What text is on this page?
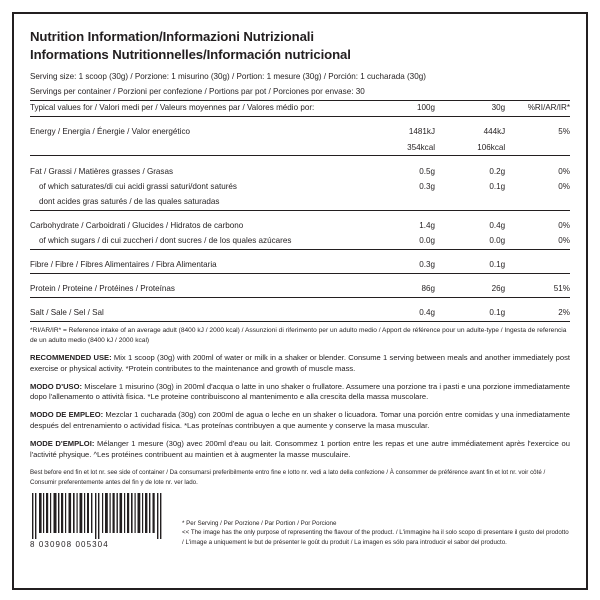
Nutrition Information/Informazioni Nutrizionali
Informations Nutritionnelles/Información nutricional
Serving size: 1 scoop (30g) / Porzione: 1 misurino (30g) / Portion: 1 mesure (30g) / Porción: 1 cucharada (30g)			
Servings per container / Porzioni per confezione / Portions par pot / Porciones por envase: 30			
Typical values for / Valori medi per / Valeurs moyennes par / Valores médio por:	100g	30g	%RI/AR/IR*

Energy / Energia / Énergie / Valor energético	1481kJ	444kJ	5%
	354kcal	106kcal	

Fat / Grassi / Matières grasses / Grasas	0.5g	0.2g	0%

of which saturates/di cui acidi grassi saturi/dont saturés	0.3g	0.1g	0%

dont acides gras saturés / de las quales saturadas			

Carbohydrate / Carboidrati / Glucides / Hidratos de carbono	1.4g	0.4g	0%

of which sugars / di cui zuccheri / dont sucres / de los quales azúcares	0.0g	0.0g	0%

Fibre / Fibre / Fibres Alimentaires / Fibra Alimentaria	0.3g	0.1g	

Protein / Proteine / Protéines / Proteínas	86g	26g	51%

Salt / Sale / Sel / Sal	0.4g	0.1g	2%
*RI/AR/IR* = Reference intake of an average adult (8400 kJ / 2000 kcal) / Assunzioni di riferimento per un adulto medio / Apport de référence pour un adulte-type / Ingesta de referencia de un adulto medio (8400 kJ / 2000 kcal)
RECOMMENDED USE: Mix 1 scoop (30g) with 200ml of water or milk in a shaker or blender. Consume 1 serving between meals and another immediately post exercise or physical activity. *Protein contributes to the maintenance and growth of muscle mass.
MODO D'USO: Miscelare 1 misurino (30g) in 200ml d'acqua o latte in uno shaker o frullatore. Assumere una porzione tra i pasti e una porzione immediatamente dopo l'allenamento o attività fisica. *Le proteine contribuiscono al mantenimento e alla crescita della massa muscolare.
MODO DE EMPLEO: Mezclar 1 cucharada (30g) con 200ml de agua o leche en un shaker o licuadora. Tomar una porción entre comidas y una inmediatamente después del entrenamiento o actividad física. *Las proteínas contribuyen a que aumente y conserve la masa muscular.
MODE D'EMPLOI: Mélanger 1 mesure (30g) avec 200ml d'eau ou lait. Consommez 1 portion entre les repas et une autre immédiatement après l'exercice ou l'activité physique. ^Les protéines contribuent au maintien et à augmenter la masse musculaire.
Best before end fin et lot nr. see side of container / Da consumarsi preferibilmente entro fine e lotto nr. vedi a lato della confezione / À consommer de préférence avant fin et lot nr. voir côté / Consumir preferentemente antes del fin y de lote nr. ver lado.
8 030908 005304
* Per Serving / Per Porzione / Par Portion / Por Porcione
<< The image has the only purpose of representing the flavour of the product. / L'immagine ha il solo scopo di presentare il gusto del prodotto / L'image a uniquement le but de présenter le goût du produit / La imagen es sólo para introducir el sabor del producto.
